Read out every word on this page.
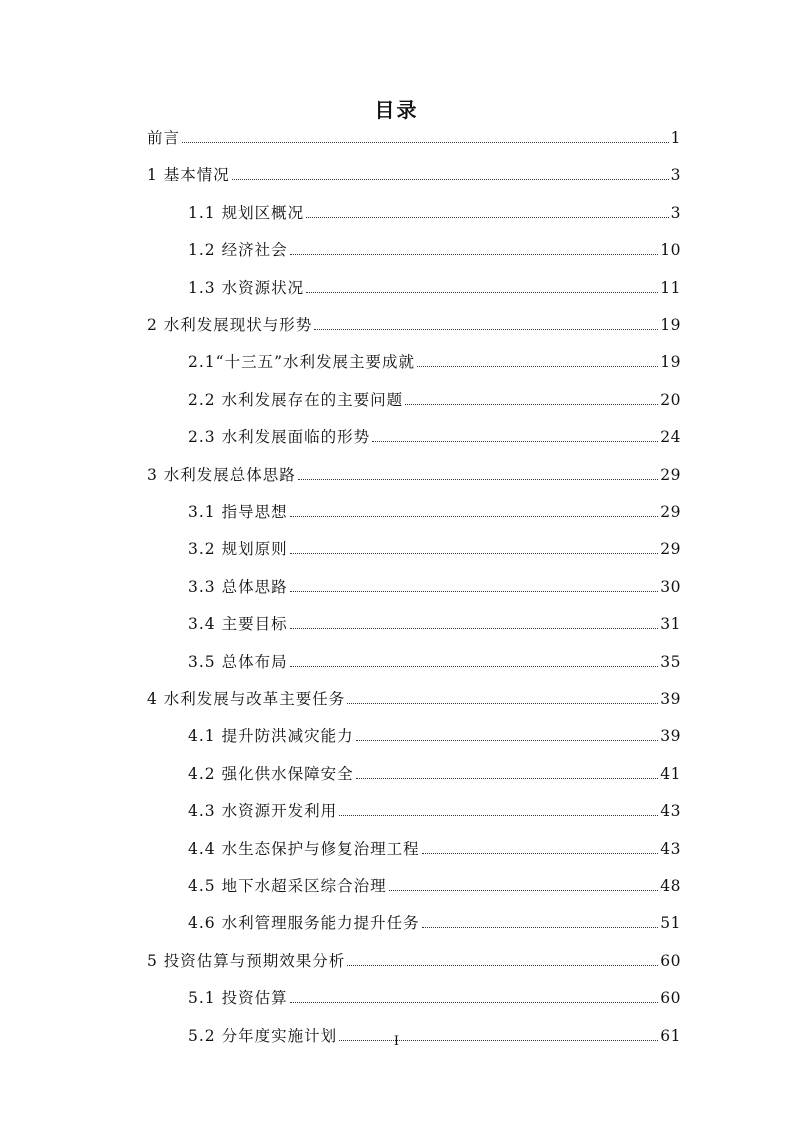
目录
前言	1
1 基本情况	3
1.1 规划区概况	3
1.2 经济社会	10
1.3 水资源状况	11
2 水利发展现状与形势	19
2.1“十三五”水利发展主要成就	19
2.2 水利发展存在的主要问题	20
2.3 水利发展面临的形势	24
3 水利发展总体思路	29
3.1 指导思想	29
3.2 规划原则	29
3.3 总体思路	30
3.4 主要目标	31
3.5 总体布局	35
4 水利发展与改革主要任务	39
4.1 提升防洪减灾能力	39
4.2 强化供水保障安全	41
4.3 水资源开发利用	43
4.4 水生态保护与修复治理工程	43
4.5 地下水超采区综合治理	48
4.6 水利管理服务能力提升任务	51
5 投资估算与预期效果分析	60
5.1 投资估算	60
5.2 分年度实施计划	61
I
